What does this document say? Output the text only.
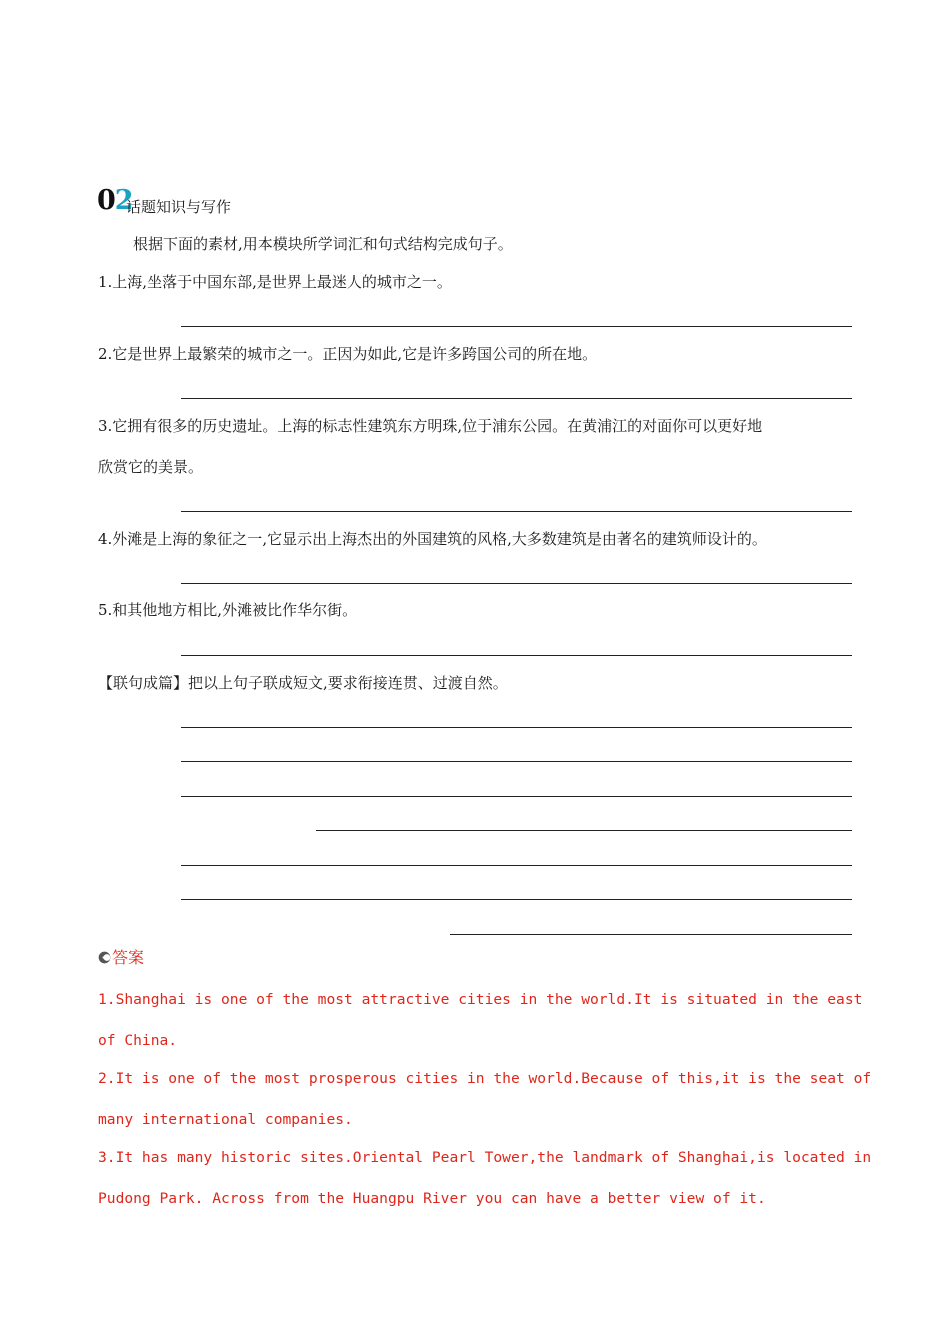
02
话题知识与写作
根据下面的素材,用本模块所学词汇和句式结构完成句子。
1.上海,坐落于中国东部,是世界上最迷人的城市之一。
2.它是世界上最繁荣的城市之一。正因为如此,它是许多跨国公司的所在地。
3.它拥有很多的历史遗址。上海的标志性建筑东方明珠,位于浦东公园。在黄浦江的对面你可以更好地
欣赏它的美景。
4.外滩是上海的象征之一,它显示出上海杰出的外国建筑的风格,大多数建筑是由著名的建筑师设计的。
5.和其他地方相比,外滩被比作华尔街。
【联句成篇】把以上句子联成短文,要求衔接连贯、过渡自然。
答案
1.Shanghai is one of the most attractive cities in the world.It is situated in the east
of China.
2.It is one of the most prosperous cities in the world.Because of this,it is the seat of
many international companies.
3.It has many historic sites.Oriental Pearl Tower,the landmark of Shanghai,is located in
Pudong Park. Across from the Huangpu River you can have a better view of it.
